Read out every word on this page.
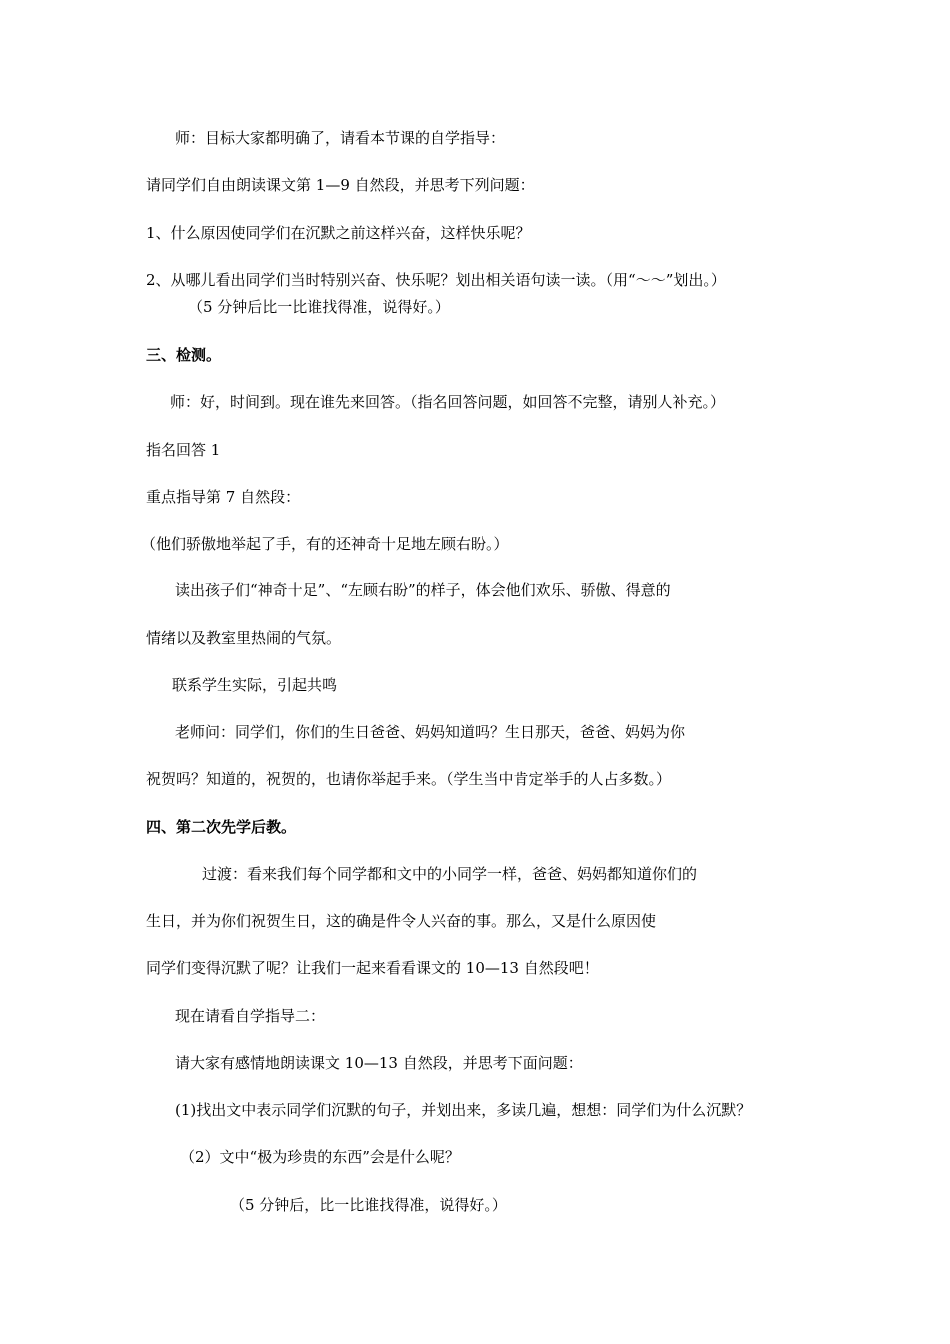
师：目标大家都明确了，请看本节课的自学指导：

请同学们自由朗读课文第 1—9 自然段，并思考下列问题：

1、什么原因使同学们在沉默之前这样兴奋，这样快乐呢？

2、从哪儿看出同学们当时特别兴奋、快乐呢？划出相关语句读一读。（用“～～”划出。）

（5 分钟后比一比谁找得准，说得好。）

三、检测。

师：好，时间到。现在谁先来回答。（指名回答问题，如回答不完整，请别人补充。）

指名回答 1

重点指导第 7 自然段：

（他们骄傲地举起了手，有的还神奇十足地左顾右盼。）

读出孩子们“神奇十足”、“左顾右盼”的样子，体会他们欢乐、骄傲、得意的

情绪以及教室里热闹的气氛。

联系学生实际，引起共鸣

老师问：同学们，你们的生日爸爸、妈妈知道吗？生日那天，爸爸、妈妈为你

祝贺吗？知道的，祝贺的，也请你举起手来。（学生当中肯定举手的人占多数。）

四、第二次先学后教。

过渡：看来我们每个同学都和文中的小同学一样，爸爸、妈妈都知道你们的

生日，并为你们祝贺生日，这的确是件令人兴奋的事。那么，又是什么原因使

同学们变得沉默了呢？让我们一起来看看课文的 10—13 自然段吧！

现在请看自学指导二：

请大家有感情地朗读课文 10—13 自然段，并思考下面问题：

(1)找出文中表示同学们沉默的句子，并划出来，多读几遍，想想：同学们为什么沉默？

（2）文中“极为珍贵的东西”会是什么呢？

（5 分钟后，比一比谁找得准，说得好。）
